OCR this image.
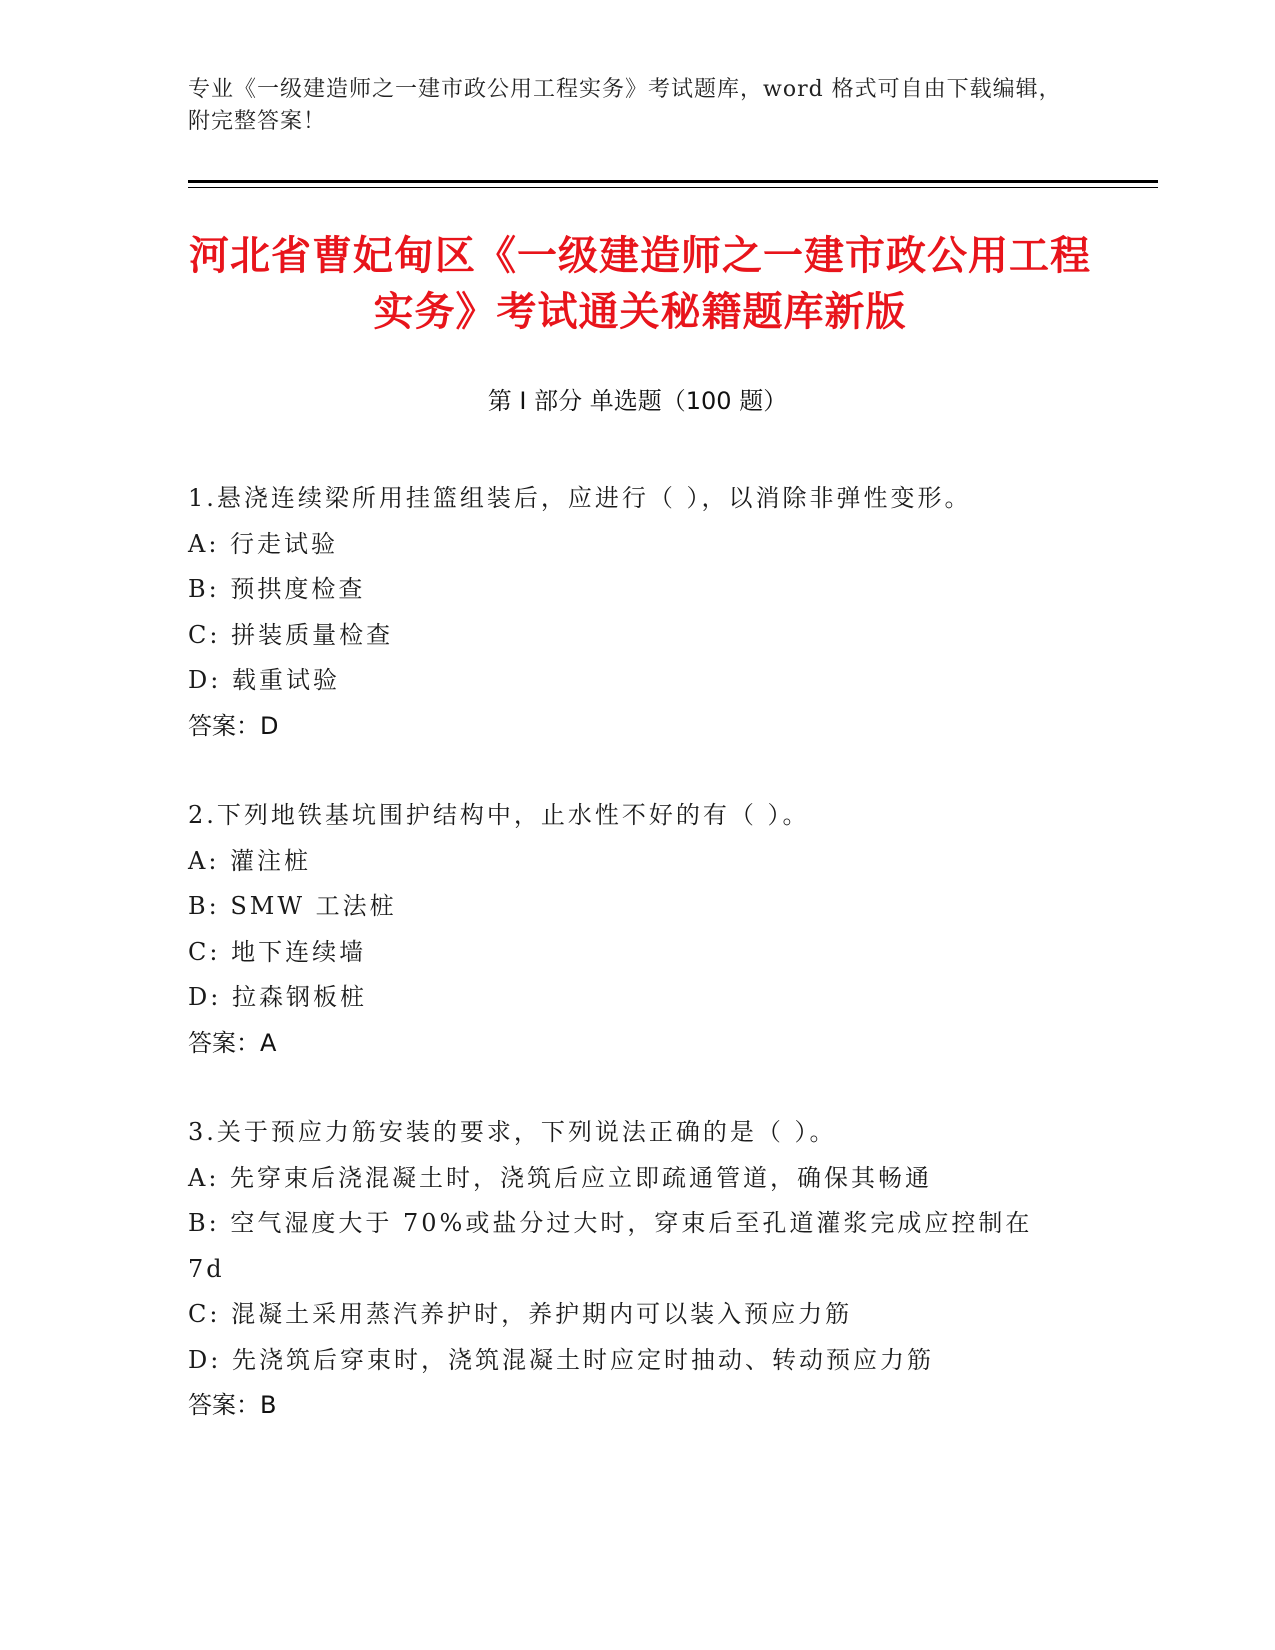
专业《一级建造师之一建市政公用工程实务》考试题库，word 格式可自由下载编辑，附完整答案！
河北省曹妃甸区《一级建造师之一建市政公用工程实务》考试通关秘籍题库新版
第 I 部分 单选题（100 题）
1.悬浇连续梁所用挂篮组装后，应进行（ ），以消除非弹性变形。
A: 行走试验
B: 预拱度检查
C: 拼装质量检查
D: 载重试验
答案：D
2.下列地铁基坑围护结构中，止水性不好的有（ ）。
A: 灌注桩
B: SMW 工法桩
C: 地下连续墙
D: 拉森钢板桩
答案：A
3.关于预应力筋安装的要求，下列说法正确的是（ ）。
A: 先穿束后浇混凝土时，浇筑后应立即疏通管道，确保其畅通
B: 空气湿度大于 70%或盐分过大时，穿束后至孔道灌浆完成应控制在 7d
C: 混凝土采用蒸汽养护时，养护期内可以装入预应力筋
D: 先浇筑后穿束时，浇筑混凝土时应定时抽动、转动预应力筋
答案：B
